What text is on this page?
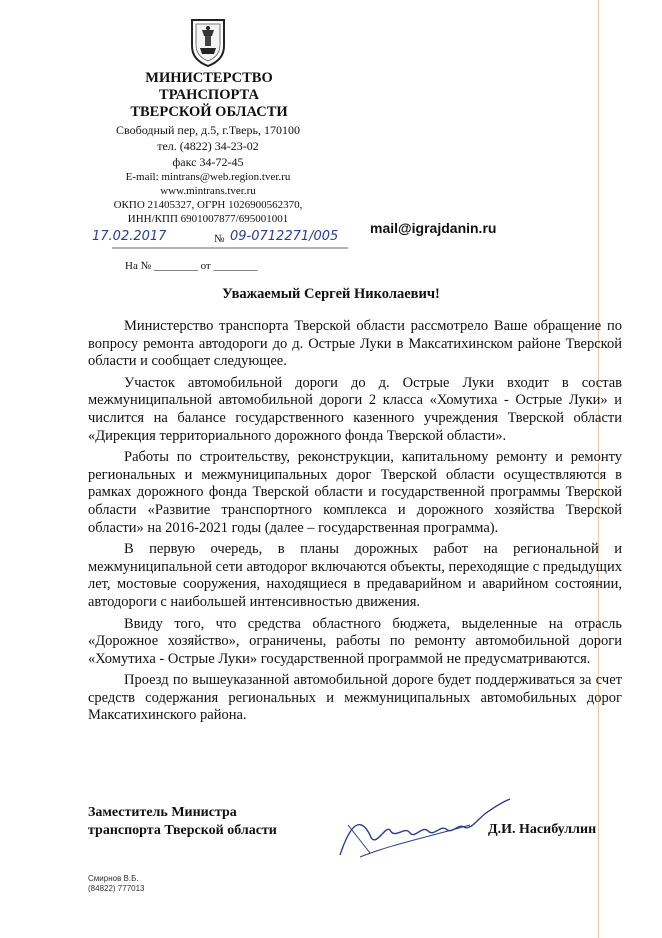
МИНИСТЕРСТВО
ТРАНСПОРТА
ТВЕРСКОЙ ОБЛАСТИ
Свободный пер, д.5, г.Тверь, 170100
тел. (4822) 34-23-02
факс 34-72-45
E-mail: mintrans@web.region.tver.ru
www.mintrans.tver.ru
ОКПО 21405327, ОГРН 1026900562370,
ИНН/КПП 6901007877/695001001
17.02.2017	№ 09-0712271/005
mail@igrajdanin.ru
На № ________ от ________
Уважаемый Сергей Николаевич!

Министерство транспорта Тверской области рассмотрело Ваше обращение по вопросу ремонта автодороги до д. Острые Луки в Максатихинском районе Тверской области и сообщает следующее.

Участок автомобильной дороги до д. Острые Луки входит в состав межмуниципальной автомобильной дороги 2 класса «Хомутиха - Острые Луки» и числится на балансе государственного казенного учреждения Тверской области «Дирекция территориального дорожного фонда Тверской области».

Работы по строительству, реконструкции, капитальному ремонту и ремонту региональных и межмуниципальных дорог Тверской области осуществляются в рамках дорожного фонда Тверской области и государственной программы Тверской области «Развитие транспортного комплекса и дорожного хозяйства Тверской области» на 2016-2021 годы (далее – государственная программа).

В первую очередь, в планы дорожных работ на региональной и межмуниципальной сети автодорог включаются объекты, переходящие с предыдущих лет, мостовые сооружения, находящиеся в предаварийном и аварийном состоянии, автодороги с наибольшей интенсивностью движения.

Ввиду того, что средства областного бюджета, выделенные на отрасль «Дорожное хозяйство», ограничены, работы по ремонту автомобильной дороги «Хомутиха - Острые Луки» государственной программой не предусматриваются.

Проезд по вышеуказанной автомобильной дороге будет поддерживаться за счет средств содержания региональных и межмуниципальных автомобильных дорог Максатихинского района.

Заместитель Министра
транспорта Тверской области	Д.И. Насибуллин
Смирнов В.Б.
(84822) 777013
